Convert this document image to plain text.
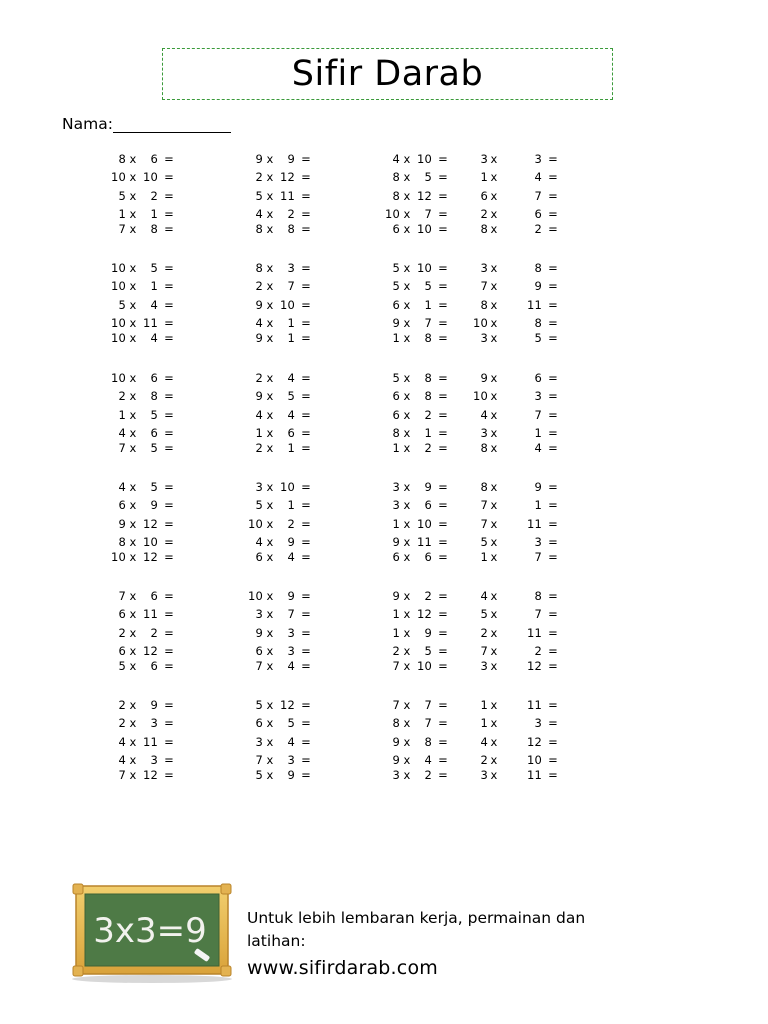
Sifir Darab
Nama:
8 x 6 =	9 x 9 =	4 x 10 =	3 x	3 =
10 x 10 =	2 x 12 =	8 x 5 =	1 x	4 =
5 x 2 =	5 x 11 =	8 x 12 =	6 x	7 =
1 x 1 =	4 x 2 =	10 x 7 =	2 x	6 =
7 x 8 =	8 x 8 =	6 x 10 =	8 x	2 =
10 x 5 =	8 x 3 =	5 x 10 =	3 x	8 =
10 x 1 =	2 x 7 =	5 x 5 =	7 x	9 =
5 x 4 =	9 x 10 =	6 x 1 =	8 x	11 =
10 x 11 =	4 x 1 =	9 x 7 =	10 x	8 =
10 x 4 =	9 x 1 =	1 x 8 =	3 x	5 =
10 x 6 =	2 x 4 =	5 x 8 =	9 x	6 =
2 x 8 =	9 x 5 =	6 x 8 =	10 x	3 =
1 x 5 =	4 x 4 =	6 x 2 =	4 x	7 =
4 x 6 =	1 x 6 =	8 x 1 =	3 x	1 =
7 x 5 =	2 x 1 =	1 x 2 =	8 x	4 =
4 x 5 =	3 x 10 =	3 x 9 =	8 x	9 =
6 x 9 =	5 x 1 =	3 x 6 =	7 x	1 =
9 x 12 =	10 x 2 =	1 x 10 =	7 x	11 =
8 x 10 =	4 x 9 =	9 x 11 =	5 x	3 =
10 x 12 =	6 x 4 =	6 x 6 =	1 x	7 =
7 x 6 =	10 x 9 =	9 x 2 =	4 x	8 =
6 x 11 =	3 x 7 =	1 x 12 =	5 x	7 =
2 x 2 =	9 x 3 =	1 x 9 =	2 x	11 =
6 x 12 =	6 x 3 =	2 x 5 =	7 x	2 =
5 x 6 =	7 x 4 =	7 x 10 =	3 x	12 =
2 x 9 =	5 x 12 =	7 x 7 =	1 x	11 =
2 x 3 =	6 x 5 =	8 x 7 =	1 x	3 =
4 x 11 =	3 x 4 =	9 x 8 =	4 x	12 =
4 x 3 =	7 x 3 =	9 x 4 =	2 x	10 =
7 x 12 =	5 x 9 =	3 x 2 =	3 x	11 =
3x3=9	Untuk lebih lembaran kerja, permainan dan latihan:
www.sifirdarab.com
